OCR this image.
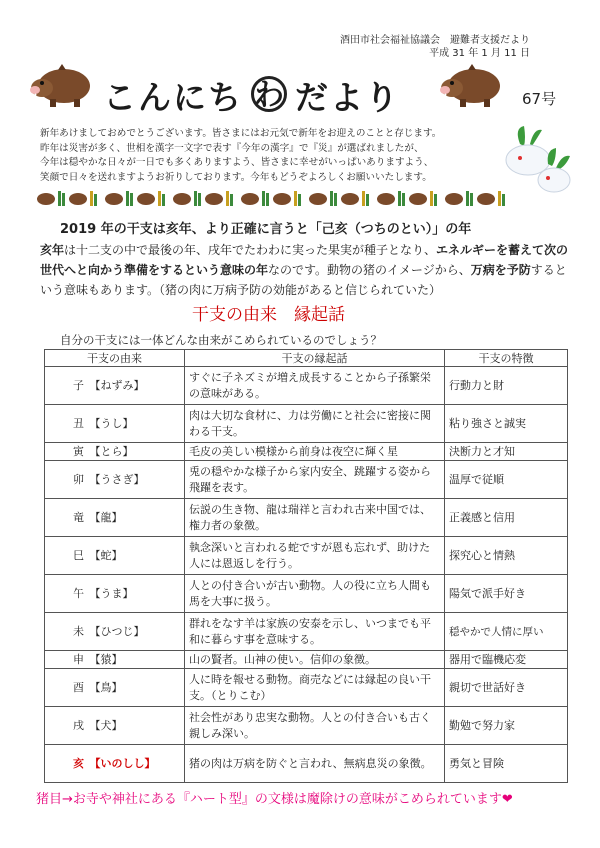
酒田市社会福祉協議会　避難者支援だより
平成 31 年 1 月 11 日
こんにち わ だより	67号
新年あけましておめでとうございます。皆さまにはお元気で新年をお迎えのことと存じます。
昨年は災害が多く、世相を漢字一文字で表す『今年の漢字』で『災』が選ばれましたが、
今年は穏やかな日々が一日でも多くありますよう、皆さまに幸せがいっぱいありますよう、
笑顔で日々を送れますようお祈りしております。今年もどうぞよろしくお願いいたします。
2019 年の干支は亥年、より正確に言うと「己亥（つちのとい）」の年
亥年は十二支の中で最後の年、戌年でたわわに実った果実が種子となり、エネルギーを蓄えて次の世代へと向かう準備をするという意味の年なのです。動物の猪のイメージから、万病を予防するという意味もあります。（猪の肉に万病予防の効能があると信じられていた）
干支の由来　縁起話
自分の干支には一体どんな由来がこめられているのでしょう？
干支の由来	干支の縁起話	干支の特徴
子　【ねずみ】	すぐに子ネズミが増え成長することから子孫繁栄の意味がある。	行動力と財
丑　【うし】	肉は大切な食材に、力は労働にと社会に密接に関わる干支。	粘り強さと誠実
寅　【とら】	毛皮の美しい模様から前身は夜空に輝く星	決断力と才知
卯　【うさぎ】	兎の穏やかな様子から家内安全、跳躍する姿から飛躍を表す。	温厚で従順
竜　【龍】	伝説の生き物、龍は瑞祥と言われ古来中国では、権力者の象徴。	正義感と信用
巳　【蛇】	執念深いと言われる蛇ですが恩も忘れず、助けた人には恩返しを行う。	探究心と情熱
午　【うま】	人との付き合いが古い動物。人の役に立ち人間も馬を大事に扱う。	陽気で派手好き
未　【ひつじ】	群れをなす羊は家族の安泰を示し、いつまでも平和に暮らす事を意味する。	穏やかで人情に厚い
申　【猿】	山の賢者。山神の使い。信仰の象徴。	器用で臨機応変
酉　【鳥】	人に時を報せる動物。商売などには縁起の良い干支。（とりこむ）	親切で世話好き
戌　【犬】	社会性があり忠実な動物。人との付き合いも古く親しみ深い。	勤勉で努力家
亥　【いのしし】	猪の肉は万病を防ぐと言われ、無病息災の象徴。	勇気と冒険
猪目→お寺や神社にある『ハート型』の文様は魔除けの意味がこめられています❤
